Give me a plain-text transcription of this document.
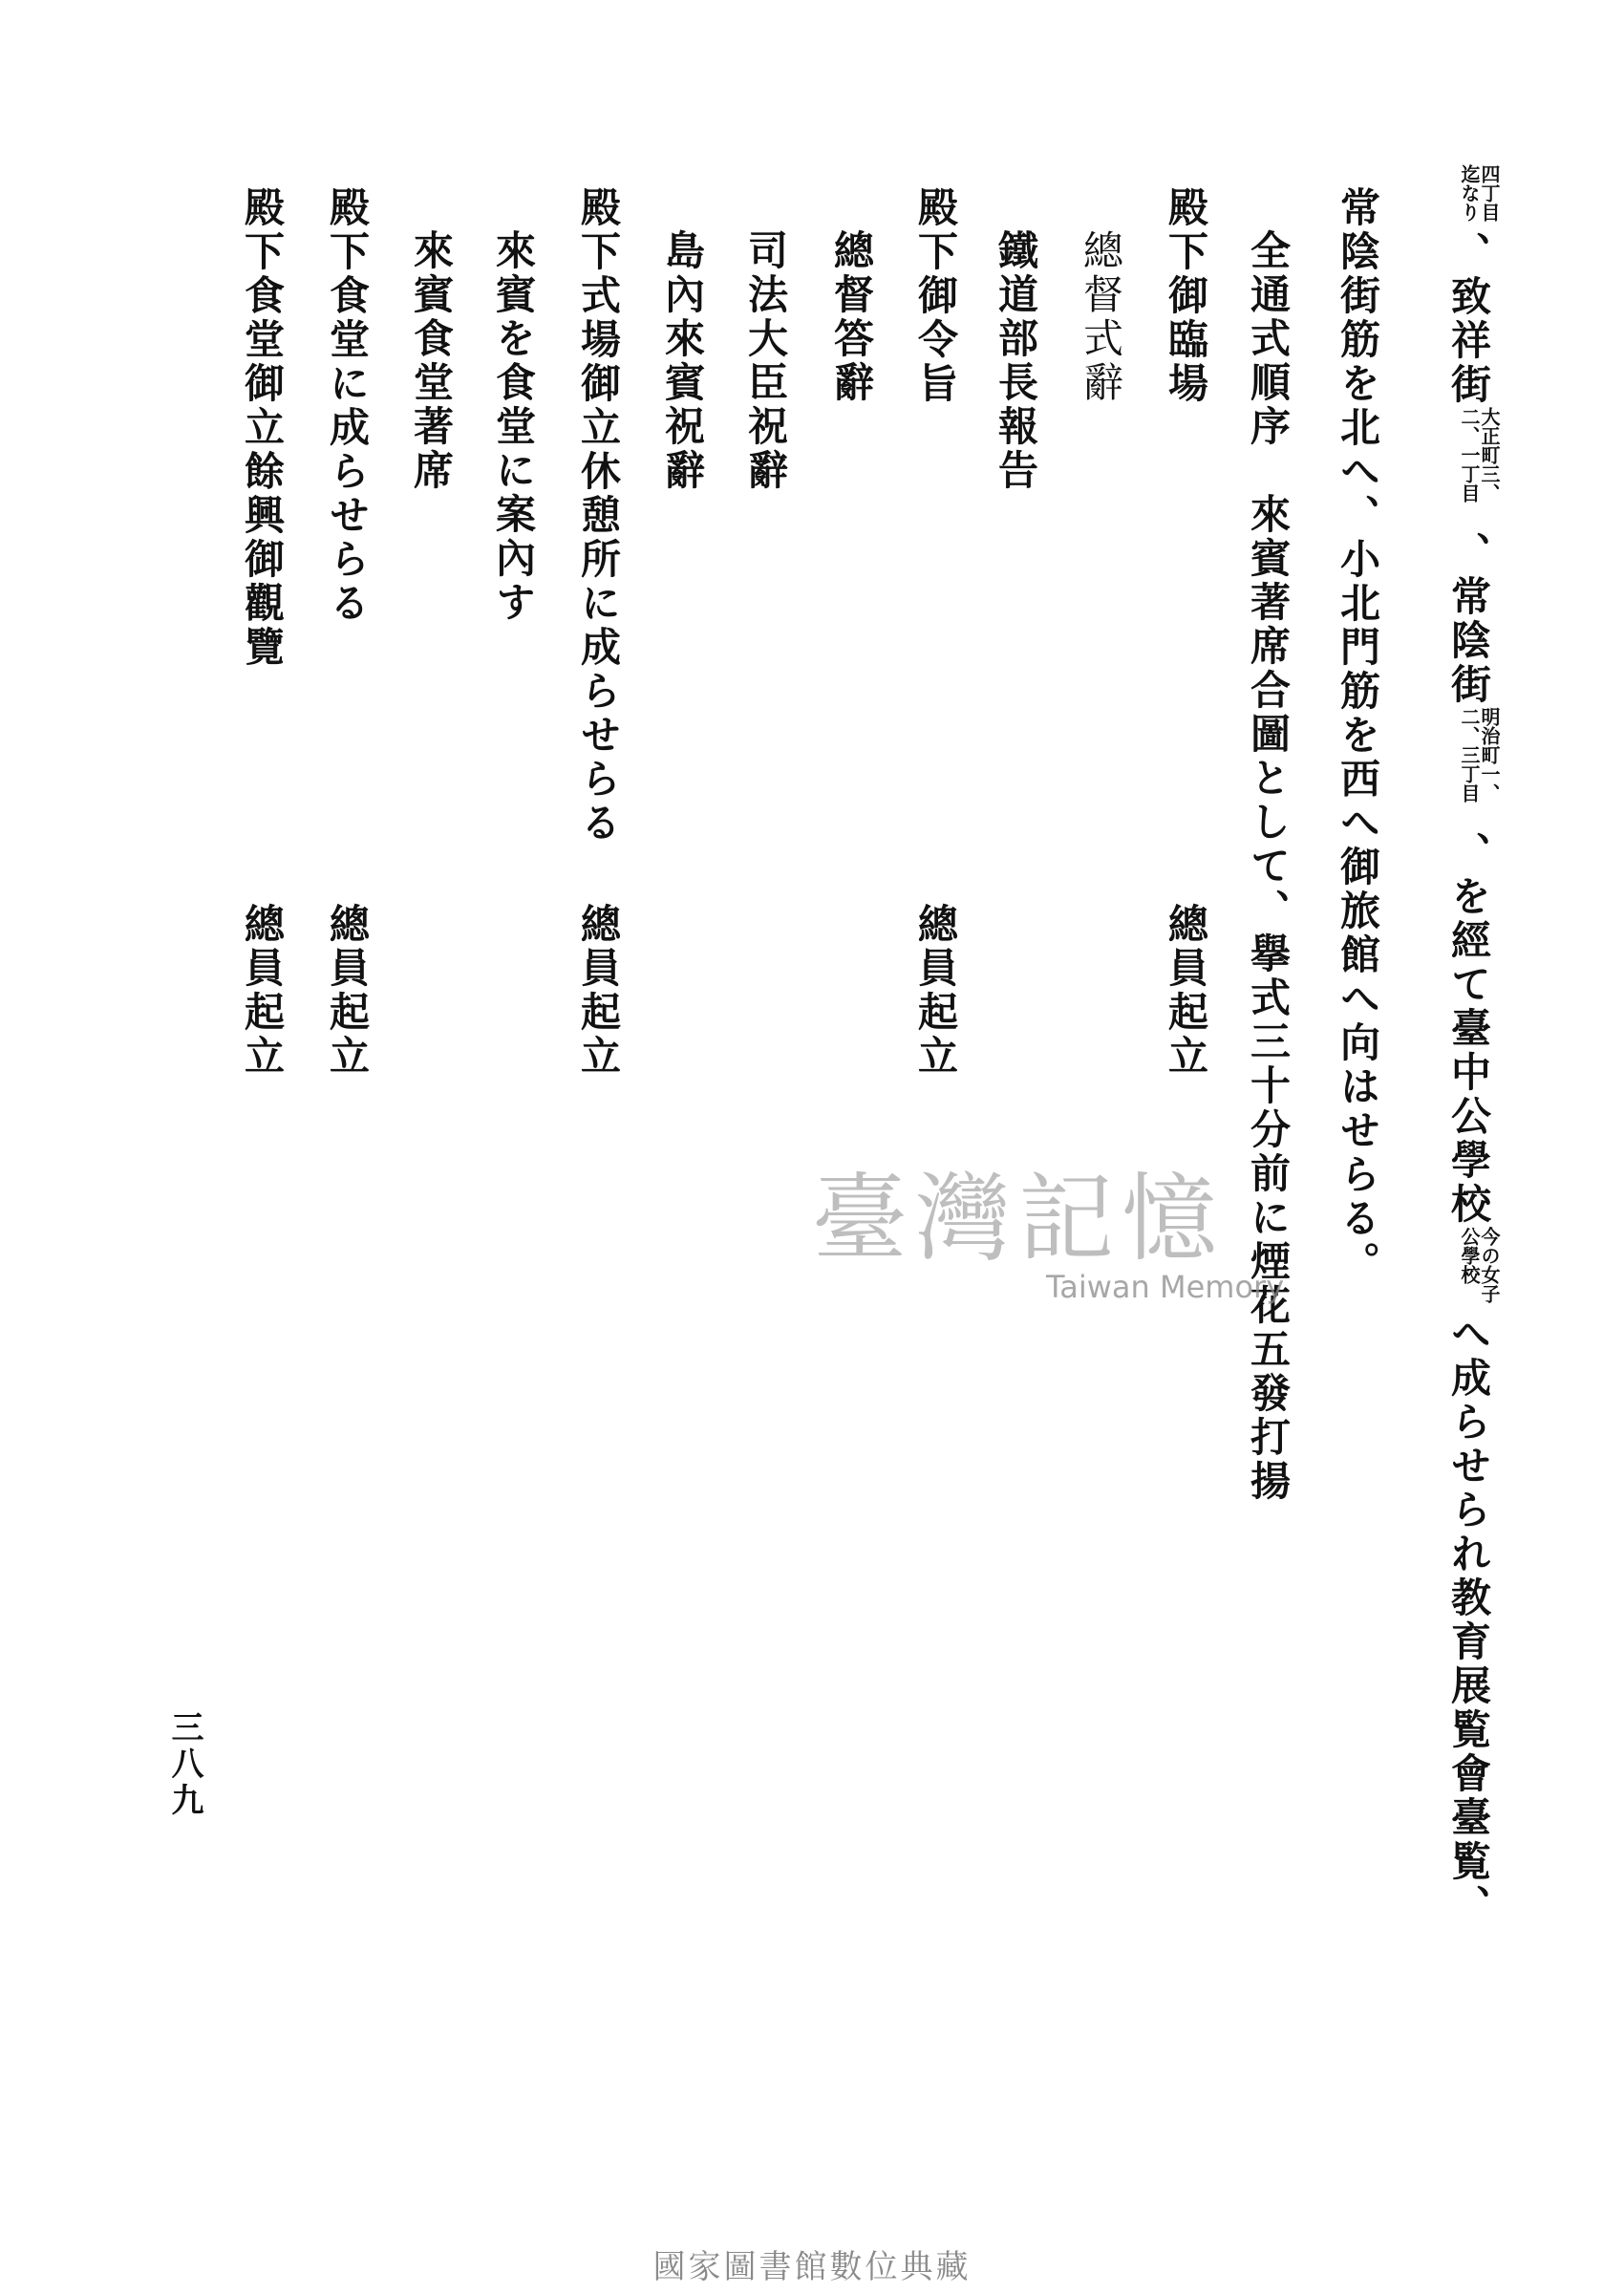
四丁目迄なり、致祥街大正町三、二、一丁目、常陰街明治町一、二、三丁目、を經て臺中公學校今の女子公學校へ成らせられ教育展覧會臺覧、
常陰街筋を北へ、小北門筋を西へ御旅館へ向はせらる。
全通式順序　來賓著席合圖として、擧式三十分前に煙花五發打揚
殿下御臨場
總員起立
總督式辭
鐵道部長報告
殿下御令旨
總員起立
總督答辭
司法大臣祝辭
島內來賓祝辭
殿下式場御立休憩所に成らせらる
總員起立
來賓を食堂に案內す
來賓食堂著席
殿下食堂に成らせらる
總員起立
殿下食堂御立餘興御觀覽
總員起立
三八九
臺灣記憶
Taiwan Memory
國家圖書館數位典藏
